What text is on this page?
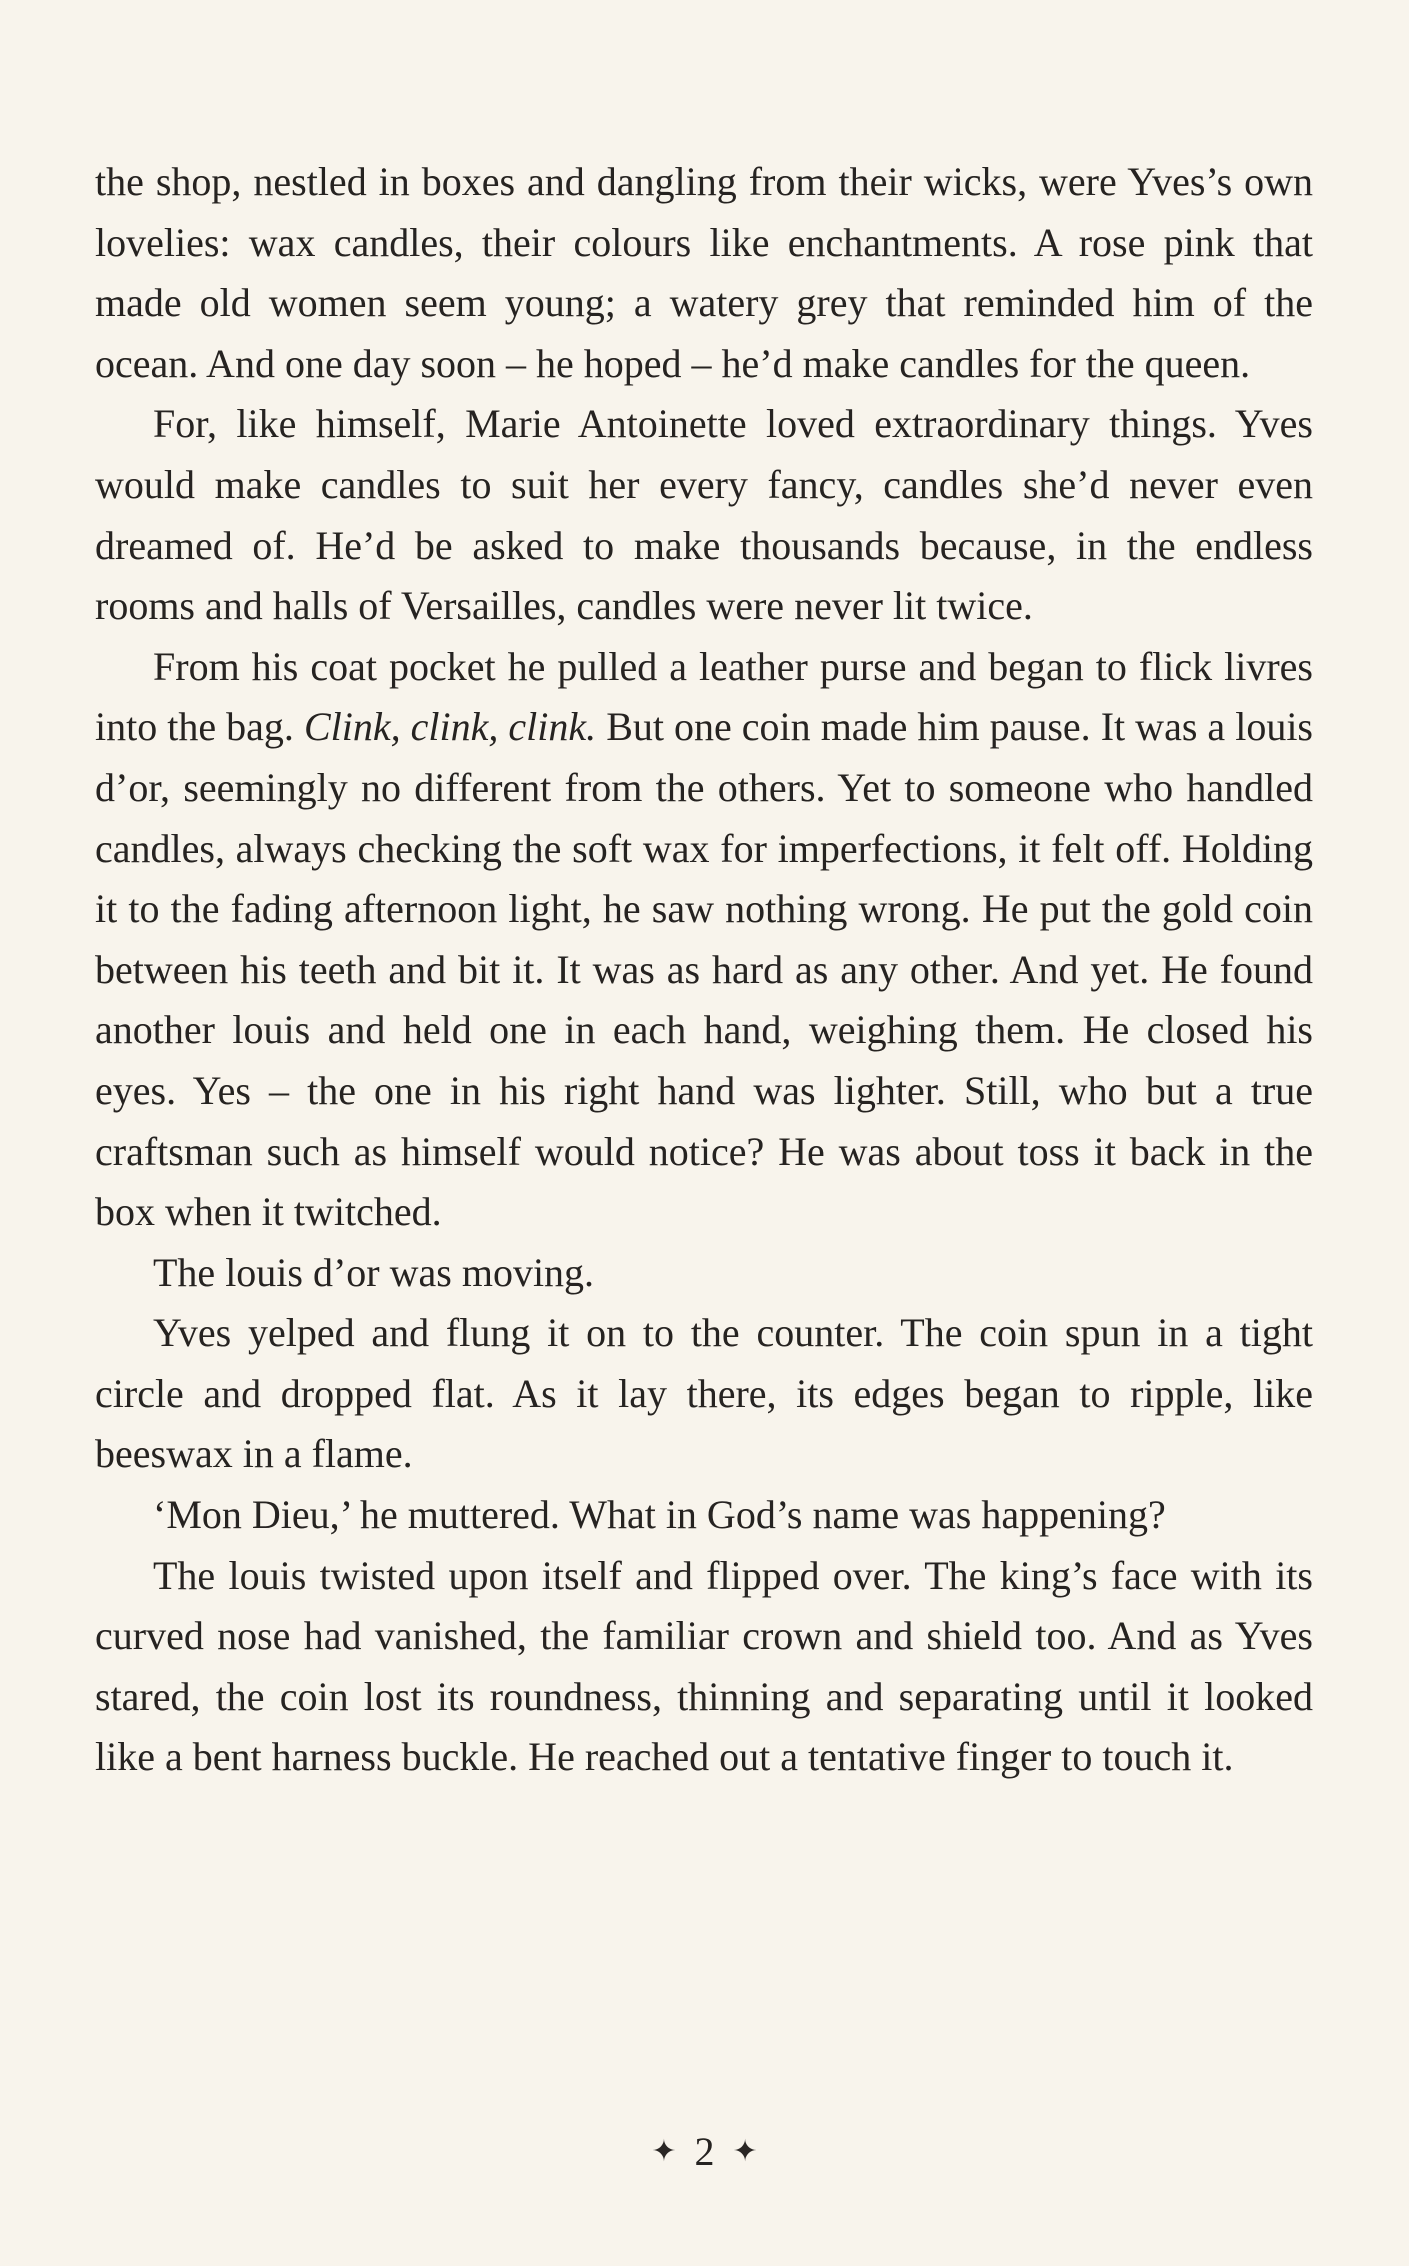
the shop, nestled in boxes and dangling from their wicks, were Yves’s own lovelies: wax candles, their colours like enchantments. A rose pink that made old women seem young; a watery grey that reminded him of the ocean. And one day soon – he hoped – he’d make candles for the queen.

For, like himself, Marie Antoinette loved extraordinary things. Yves would make candles to suit her every fancy, candles she’d never even dreamed of. He’d be asked to make thousands because, in the endless rooms and halls of Versailles, candles were never lit twice.

From his coat pocket he pulled a leather purse and began to flick livres into the bag. Clink, clink, clink. But one coin made him pause. It was a louis d’or, seemingly no different from the others. Yet to someone who handled candles, always checking the soft wax for imperfections, it felt off. Holding it to the fading afternoon light, he saw nothing wrong. He put the gold coin between his teeth and bit it. It was as hard as any other. And yet. He found another louis and held one in each hand, weighing them. He closed his eyes. Yes – the one in his right hand was lighter. Still, who but a true craftsman such as himself would notice? He was about toss it back in the box when it twitched.

The louis d’or was moving.

Yves yelped and flung it on to the counter. The coin spun in a tight circle and dropped flat. As it lay there, its edges began to ripple, like beeswax in a flame.

‘Mon Dieu,’ he muttered. What in God’s name was happening?

The louis twisted upon itself and flipped over. The king’s face with its curved nose had vanished, the familiar crown and shield too. And as Yves stared, the coin lost its roundness, thinning and separating until it looked like a bent harness buckle. He reached out a tentative finger to touch it.

✦ 2 ✦
